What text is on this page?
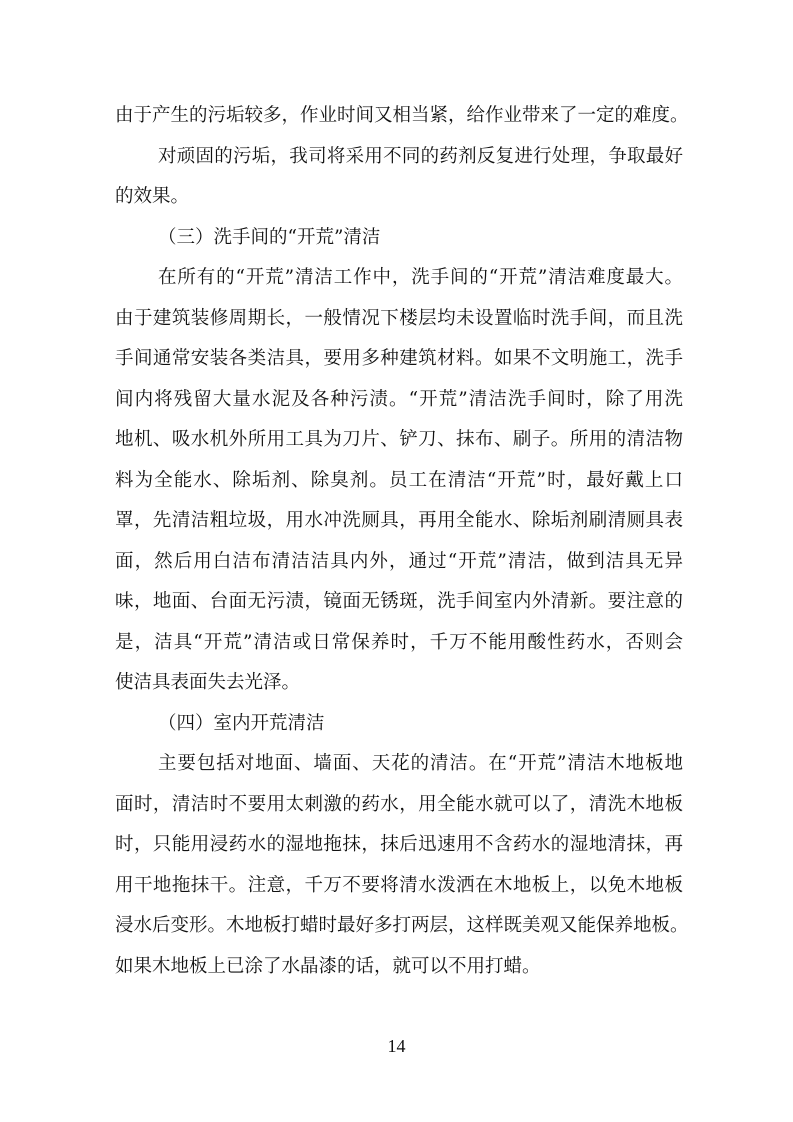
由于产生的污垢较多，作业时间又相当紧，给作业带来了一定的难度。
对顽固的污垢，我司将采用不同的药剂反复进行处理，争取最好
的效果。
（三）洗手间的“开荒”清洁
在所有的“开荒”清洁工作中，洗手间的“开荒”清洁难度最大。
由于建筑装修周期长，一般情况下楼层均未设置临时洗手间，而且洗
手间通常安装各类洁具，要用多种建筑材料。如果不文明施工，洗手
间内将残留大量水泥及各种污渍。“开荒”清洁洗手间时，除了用洗
地机、吸水机外所用工具为刀片、铲刀、抹布、刷子。所用的清洁物
料为全能水、除垢剂、除臭剂。员工在清洁“开荒”时，最好戴上口
罩，先清洁粗垃圾，用水冲洗厕具，再用全能水、除垢剂刷清厕具表
面，然后用白洁布清洁洁具内外，通过“开荒”清洁，做到洁具无异
味，地面、台面无污渍，镜面无锈斑，洗手间室内外清新。要注意的
是，洁具“开荒”清洁或日常保养时，千万不能用酸性药水，否则会
使洁具表面失去光泽。
（四）室内开荒清洁
主要包括对地面、墙面、天花的清洁。在“开荒”清洁木地板地
面时，清洁时不要用太刺激的药水，用全能水就可以了，清洗木地板
时，只能用浸药水的湿地拖抹，抹后迅速用不含药水的湿地清抹，再
用干地拖抹干。注意，千万不要将清水泼洒在木地板上，以免木地板
浸水后变形。木地板打蜡时最好多打两层，这样既美观又能保养地板。
如果木地板上已涂了水晶漆的话，就可以不用打蜡。
14
